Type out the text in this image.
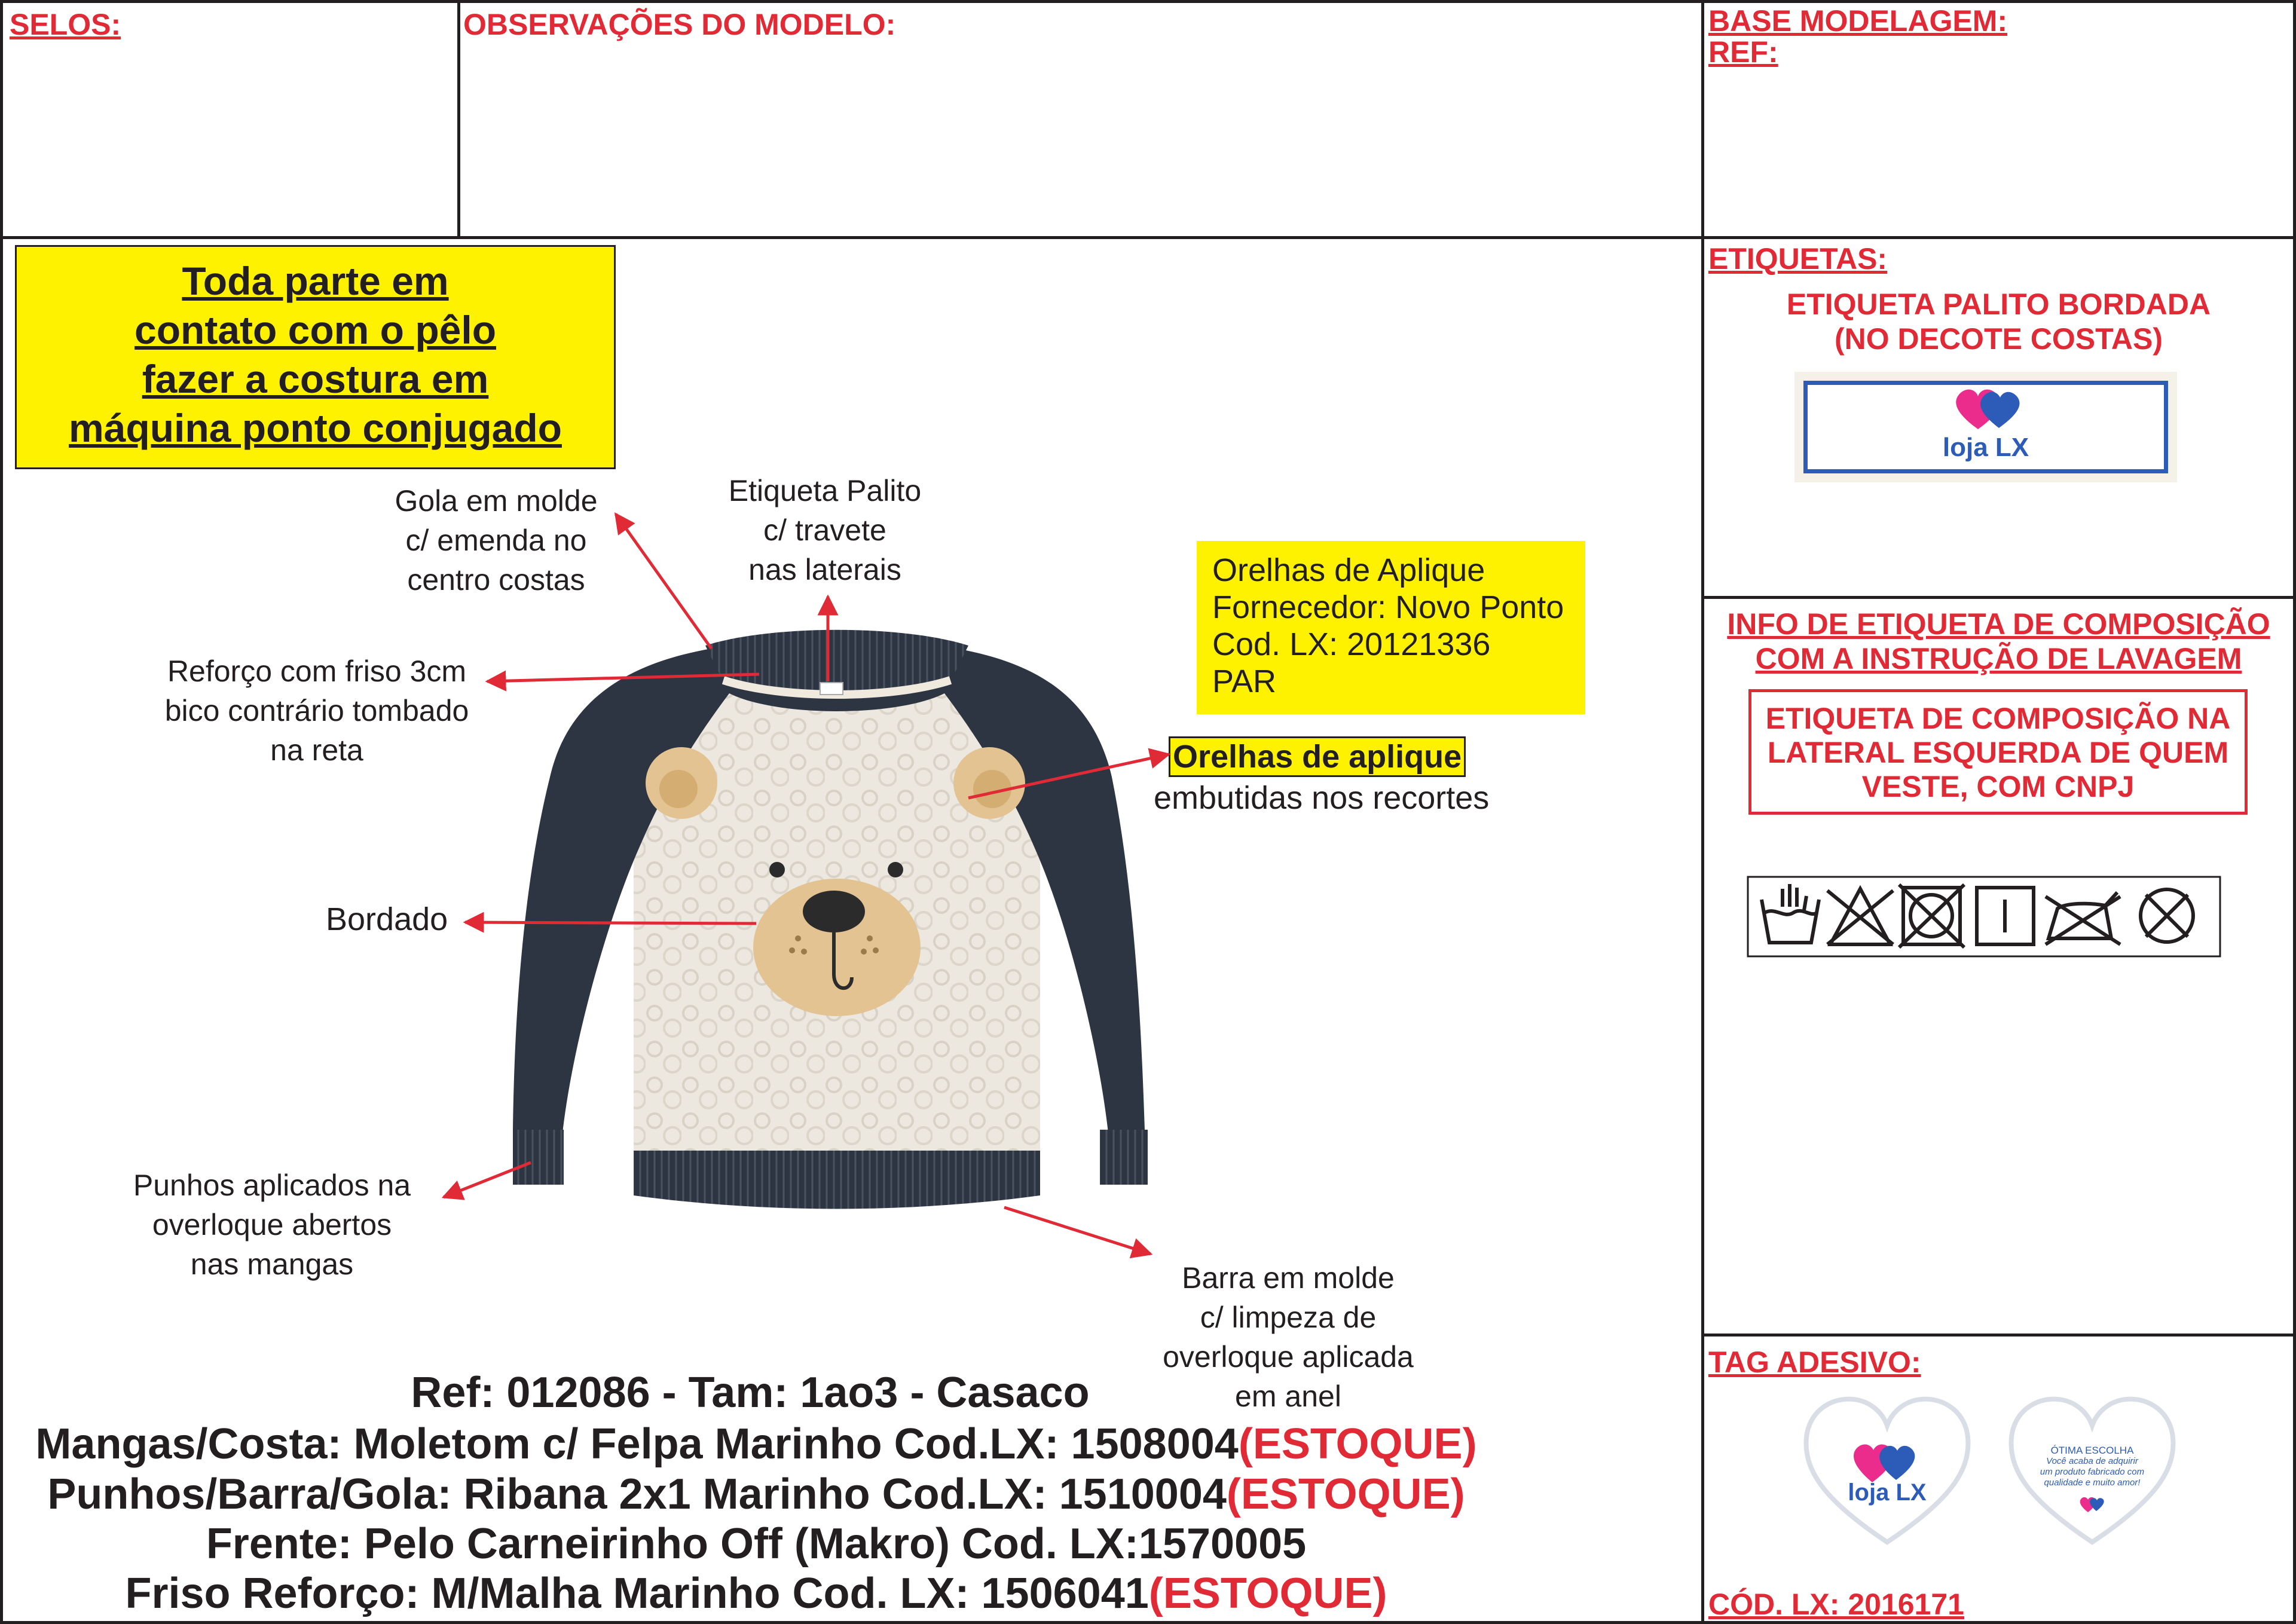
SELOS:	OBSERVAÇÕES DO MODELO:	BASE MODELAGEM:
REF:
Toda parte em
contato com o pêlo
fazer a costura em
máquina ponto conjugado
Gola em molde
c/ emenda no
centro costas
Etiqueta Palito
c/ travete
nas laterais
Reforço com friso 3cm
bico contrário tombado
na reta
Orelhas de Aplique
Fornecedor: Novo Ponto
Cod. LX: 20121336
PAR
Orelhas de aplique
embutidas nos recortes
Bordado
Punhos aplicados na
overloque abertos
nas mangas	Barra em molde
c/ limpeza de
overloque aplicada
em anel
Ref: 012086 - Tam: 1ao3 - Casaco
Mangas/Costa: Moletom c/ Felpa Marinho Cod.LX: 1508004(ESTOQUE)
Punhos/Barra/Gola: Ribana 2x1 Marinho Cod.LX: 1510004(ESTOQUE)
Frente: Pelo Carneirinho Off (Makro) Cod. LX:1570005
Friso Reforço: M/Malha Marinho Cod. LX: 1506041(ESTOQUE)
ETIQUETAS:
ETIQUETA PALITO BORDADA
(NO DECOTE COSTAS)
loja LX
INFO DE ETIQUETA DE COMPOSIÇÃO
COM A INSTRUÇÃO DE LAVAGEM
ETIQUETA DE COMPOSIÇÃO NA
LATERAL ESQUERDA DE QUEM
VESTE, COM CNPJ
TAG ADESIVO:
loja LX
ÓTIMA ESCOLHA
Você acaba de adquirir
um produto fabricado com
qualidade e muito amor!
CÓD. LX: 2016171
